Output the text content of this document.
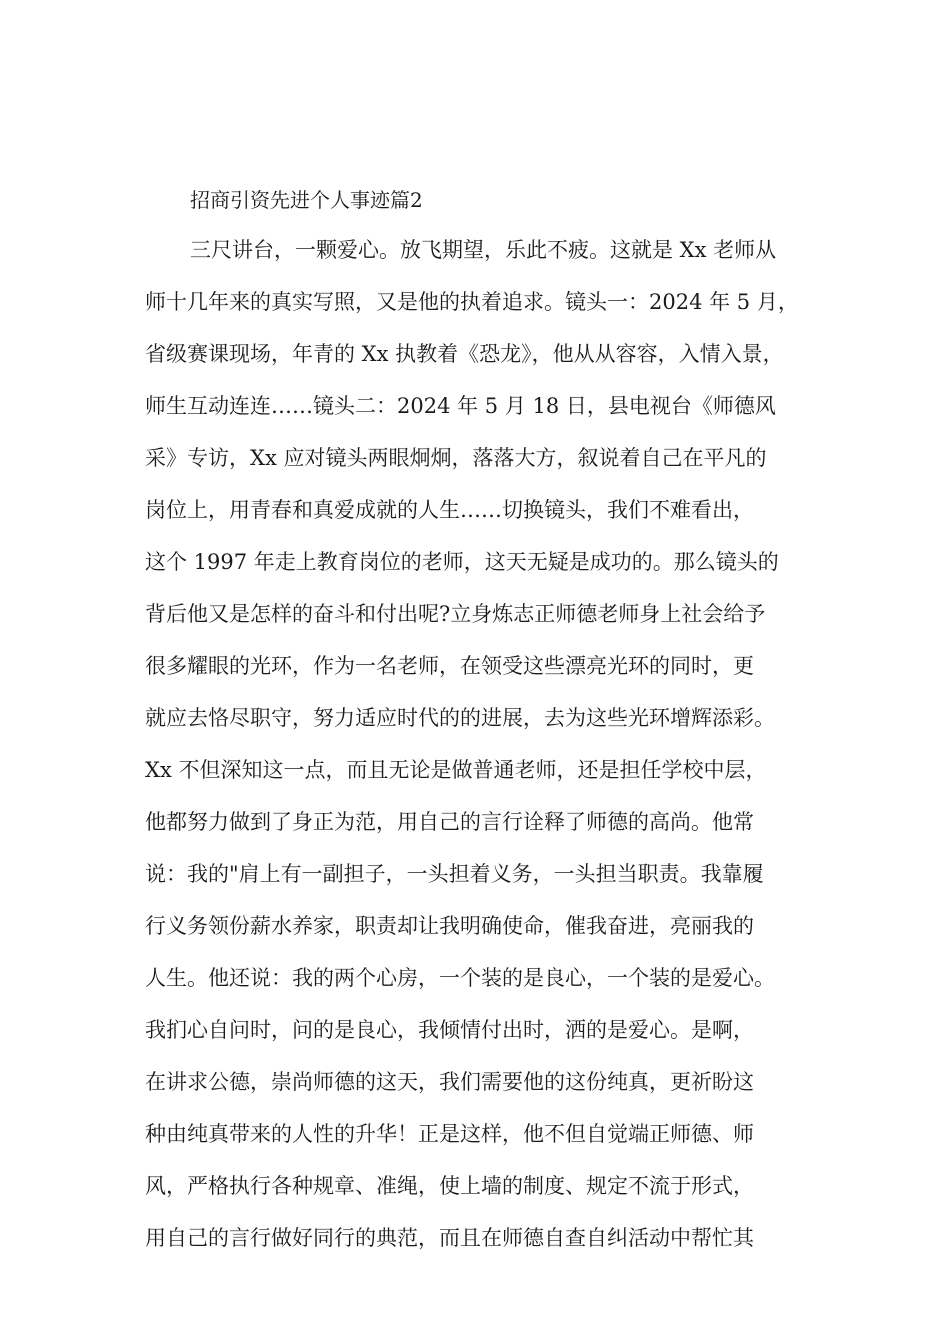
招商引资先进个人事迹篇2

三尺讲台，一颗爱心。放飞期望，乐此不疲。这就是 Xx 老师从

师十几年来的真实写照，又是他的执着追求。镜头一：2024 年 5 月，

省级赛课现场，年青的 Xx 执教着《恐龙》，他从从容容，入情入景，

师生互动连连……镜头二：2024 年 5 月 18 日，县电视台《师德风

采》专访，Xx 应对镜头两眼炯炯，落落大方，叙说着自己在平凡的

岗位上，用青春和真爱成就的人生……切换镜头，我们不难看出，

这个 1997 年走上教育岗位的老师，这天无疑是成功的。那么镜头的

背后他又是怎样的奋斗和付出呢?立身炼志正师德老师身上社会给予

很多耀眼的光环，作为一名老师，在领受这些漂亮光环的同时，更

就应去恪尽职守，努力适应时代的的进展，去为这些光环增辉添彩。

Xx 不但深知这一点，而且无论是做普通老师，还是担任学校中层，

他都努力做到了身正为范，用自己的言行诠释了师德的高尚。他常

说：我的"肩上有一副担子，一头担着义务，一头担当职责。我靠履

行义务领份薪水养家，职责却让我明确使命，催我奋进，亮丽我的

人生。他还说：我的两个心房，一个装的是良心，一个装的是爱心。

我扪心自问时，问的是良心，我倾情付出时，洒的是爱心。是啊，

在讲求公德，崇尚师德的这天，我们需要他的这份纯真，更祈盼这

种由纯真带来的人性的升华！正是这样，他不但自觉端正师德、师

风，严格执行各种规章、准绳，使上墙的制度、规定不流于形式，

用自己的言行做好同行的典范，而且在师德自查自纠活动中帮忙其
